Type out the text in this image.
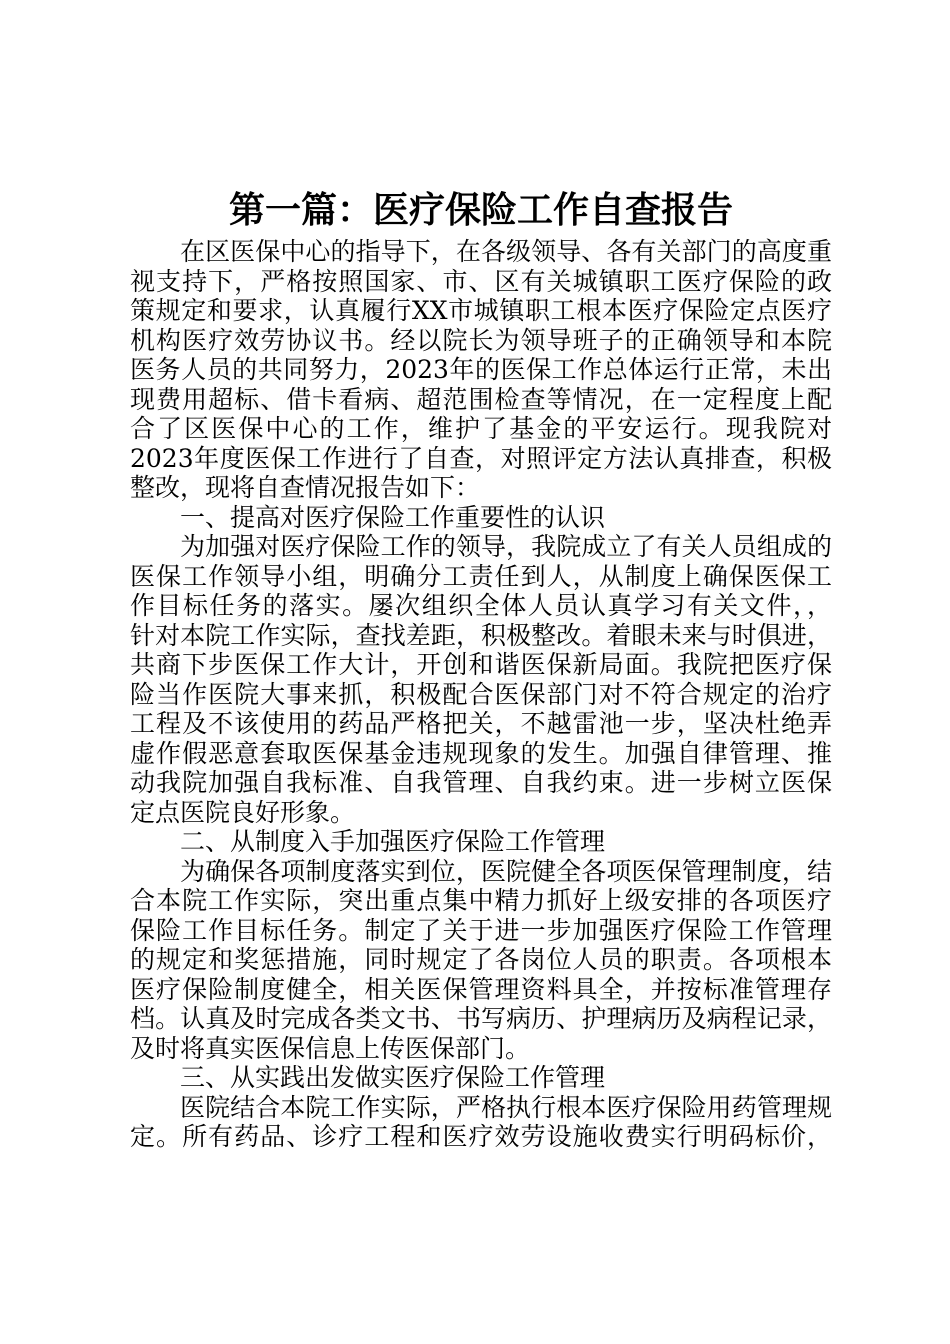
第一篇：医疗保险工作自查报告
在区医保中心的指导下，在各级领导、各有关部门的高度重
视支持下，严格按照国家、市、区有关城镇职工医疗保险的政
策规定和要求，认真履行XX市城镇职工根本医疗保险定点医疗
机构医疗效劳协议书。经以院长为领导班子的正确领导和本院
医务人员的共同努力，2023年的医保工作总体运行正常，未出
现费用超标、借卡看病、超范围检查等情况，在一定程度上配
合了区医保中心的工作，维护了基金的平安运行。现我院对
2023年度医保工作进行了自查，对照评定方法认真排查，积极
整改，现将自查情况报告如下：
一、提高对医疗保险工作重要性的认识
为加强对医疗保险工作的领导，我院成立了有关人员组成的
医保工作领导小组，明确分工责任到人，从制度上确保医保工
作目标任务的落实。屡次组织全体人员认真学习有关文件，，
针对本院工作实际，查找差距，积极整改。着眼未来与时俱进，
共商下步医保工作大计，开创和谐医保新局面。我院把医疗保
险当作医院大事来抓，积极配合医保部门对不符合规定的治疗
工程及不该使用的药品严格把关，不越雷池一步，坚决杜绝弄
虚作假恶意套取医保基金违规现象的发生。加强自律管理、推
动我院加强自我标准、自我管理、自我约束。进一步树立医保
定点医院良好形象。
二、从制度入手加强医疗保险工作管理
为确保各项制度落实到位，医院健全各项医保管理制度，结
合本院工作实际，突出重点集中精力抓好上级安排的各项医疗
保险工作目标任务。制定了关于进一步加强医疗保险工作管理
的规定和奖惩措施，同时规定了各岗位人员的职责。各项根本
医疗保险制度健全，相关医保管理资料具全，并按标准管理存
档。认真及时完成各类文书、书写病历、护理病历及病程记录，
及时将真实医保信息上传医保部门。
三、从实践出发做实医疗保险工作管理
医院结合本院工作实际，严格执行根本医疗保险用药管理规
定。所有药品、诊疗工程和医疗效劳设施收费实行明码标价，
